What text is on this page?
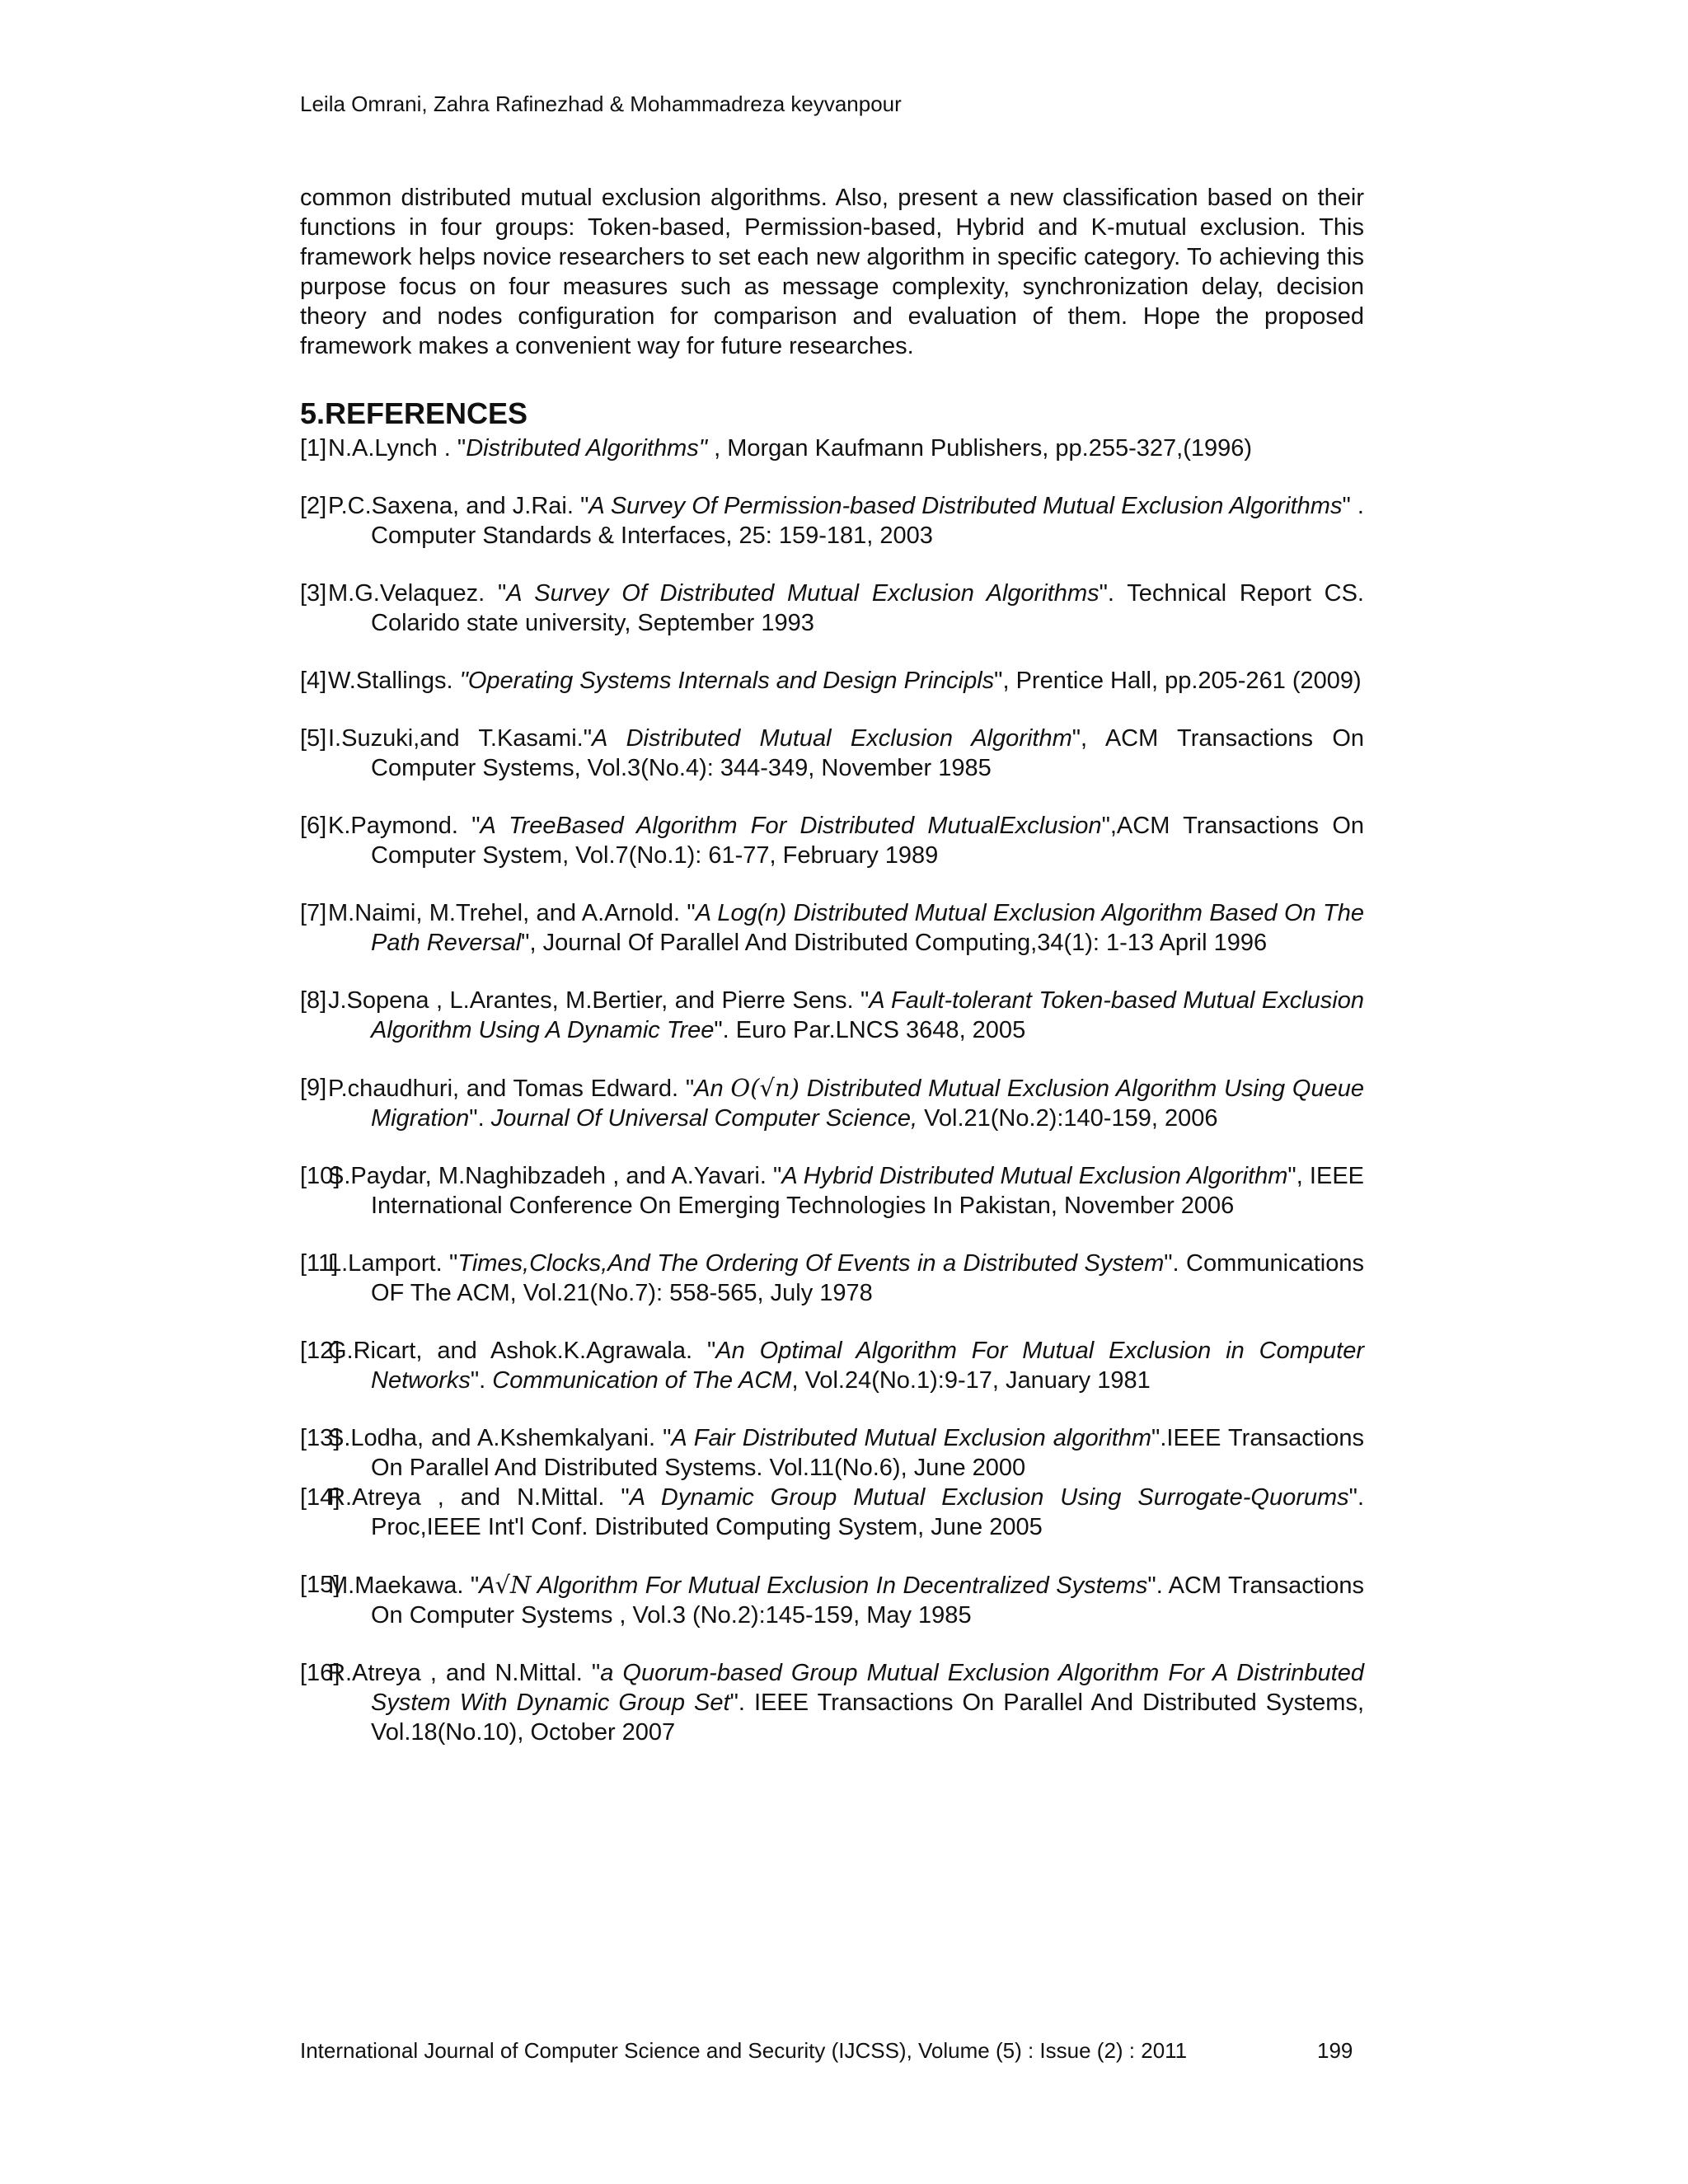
Leila Omrani, Zahra Rafinezhad & Mohammadreza keyvanpour

common distributed mutual exclusion algorithms. Also, present a new classification based on their functions in four groups: Token-based, Permission-based, Hybrid and K-mutual exclusion. This framework helps novice researchers to set each new algorithm in specific category. To achieving this purpose focus on four measures such as message complexity, synchronization delay, decision theory and nodes configuration for comparison and evaluation of them. Hope the proposed framework makes a convenient way for future researches.

5.REFERENCES
[1] N.A.Lynch . "Distributed Algorithms" , Morgan Kaufmann Publishers, pp.255-327,(1996)
[2] P.C.Saxena, and J.Rai. "A Survey Of Permission-based Distributed Mutual Exclusion Algorithms" . Computer Standards & Interfaces, 25: 159-181, 2003
[3] M.G.Velaquez. "A Survey Of Distributed Mutual Exclusion Algorithms". Technical Report CS. Colarido state university, September 1993
[4] W.Stallings. "Operating Systems Internals and Design Principls", Prentice Hall, pp.205-261 (2009)
[5] I.Suzuki,and T.Kasami."A Distributed Mutual Exclusion Algorithm", ACM Transactions On Computer Systems, Vol.3(No.4): 344-349, November 1985
[6] K.Paymond. "A TreeBased Algorithm For Distributed MutualExclusion",ACM Transactions On Computer System, Vol.7(No.1): 61-77, February 1989
[7] M.Naimi, M.Trehel, and A.Arnold. "A Log(n) Distributed Mutual Exclusion Algorithm Based On The Path Reversal", Journal Of Parallel And Distributed Computing,34(1): 1-13 April 1996
[8] J.Sopena , L.Arantes, M.Bertier, and Pierre Sens. "A Fault-tolerant Token-based Mutual Exclusion Algorithm Using A Dynamic Tree". Euro Par.LNCS 3648, 2005
[9] P.chaudhuri, and Tomas Edward. "An O(√n) Distributed Mutual Exclusion Algorithm Using Queue Migration". Journal Of Universal Computer Science, Vol.21(No.2):140-159, 2006
[10]
S.Paydar, M.Naghibzadeh , and A.Yavari. "A Hybrid Distributed Mutual Exclusion Algorithm", IEEE International Conference On Emerging Technologies In Pakistan, November 2006
[11]
L.Lamport. "Times,Clocks,And The Ordering Of Events in a Distributed System". Communications OF The ACM, Vol.21(No.7): 558-565, July 1978
[12]
G.Ricart, and Ashok.K.Agrawala. "An Optimal Algorithm For Mutual Exclusion in Computer Networks". Communication of The ACM, Vol.24(No.1):9-17, January 1981
[13]
S.Lodha, and A.Kshemkalyani. "A Fair Distributed Mutual Exclusion algorithm".IEEE Transactions On Parallel And Distributed Systems. Vol.11(No.6), June 2000
[14]
R.Atreya , and N.Mittal. "A Dynamic Group Mutual Exclusion Using Surrogate-Quorums". Proc,IEEE Int'l Conf. Distributed Computing System, June 2005
[15]
M.Maekawa. "A√N Algorithm For Mutual Exclusion In Decentralized Systems". ACM Transactions On Computer Systems , Vol.3 (No.2):145-159, May 1985
[16]
R.Atreya , and N.Mittal. "a Quorum-based Group Mutual Exclusion Algorithm For A Distrinbuted System With Dynamic Group Set". IEEE Transactions On Parallel And Distributed Systems, Vol.18(No.10), October 2007
International Journal of Computer Science and Security (IJCSS), Volume (5) : Issue (2) : 2011	199
